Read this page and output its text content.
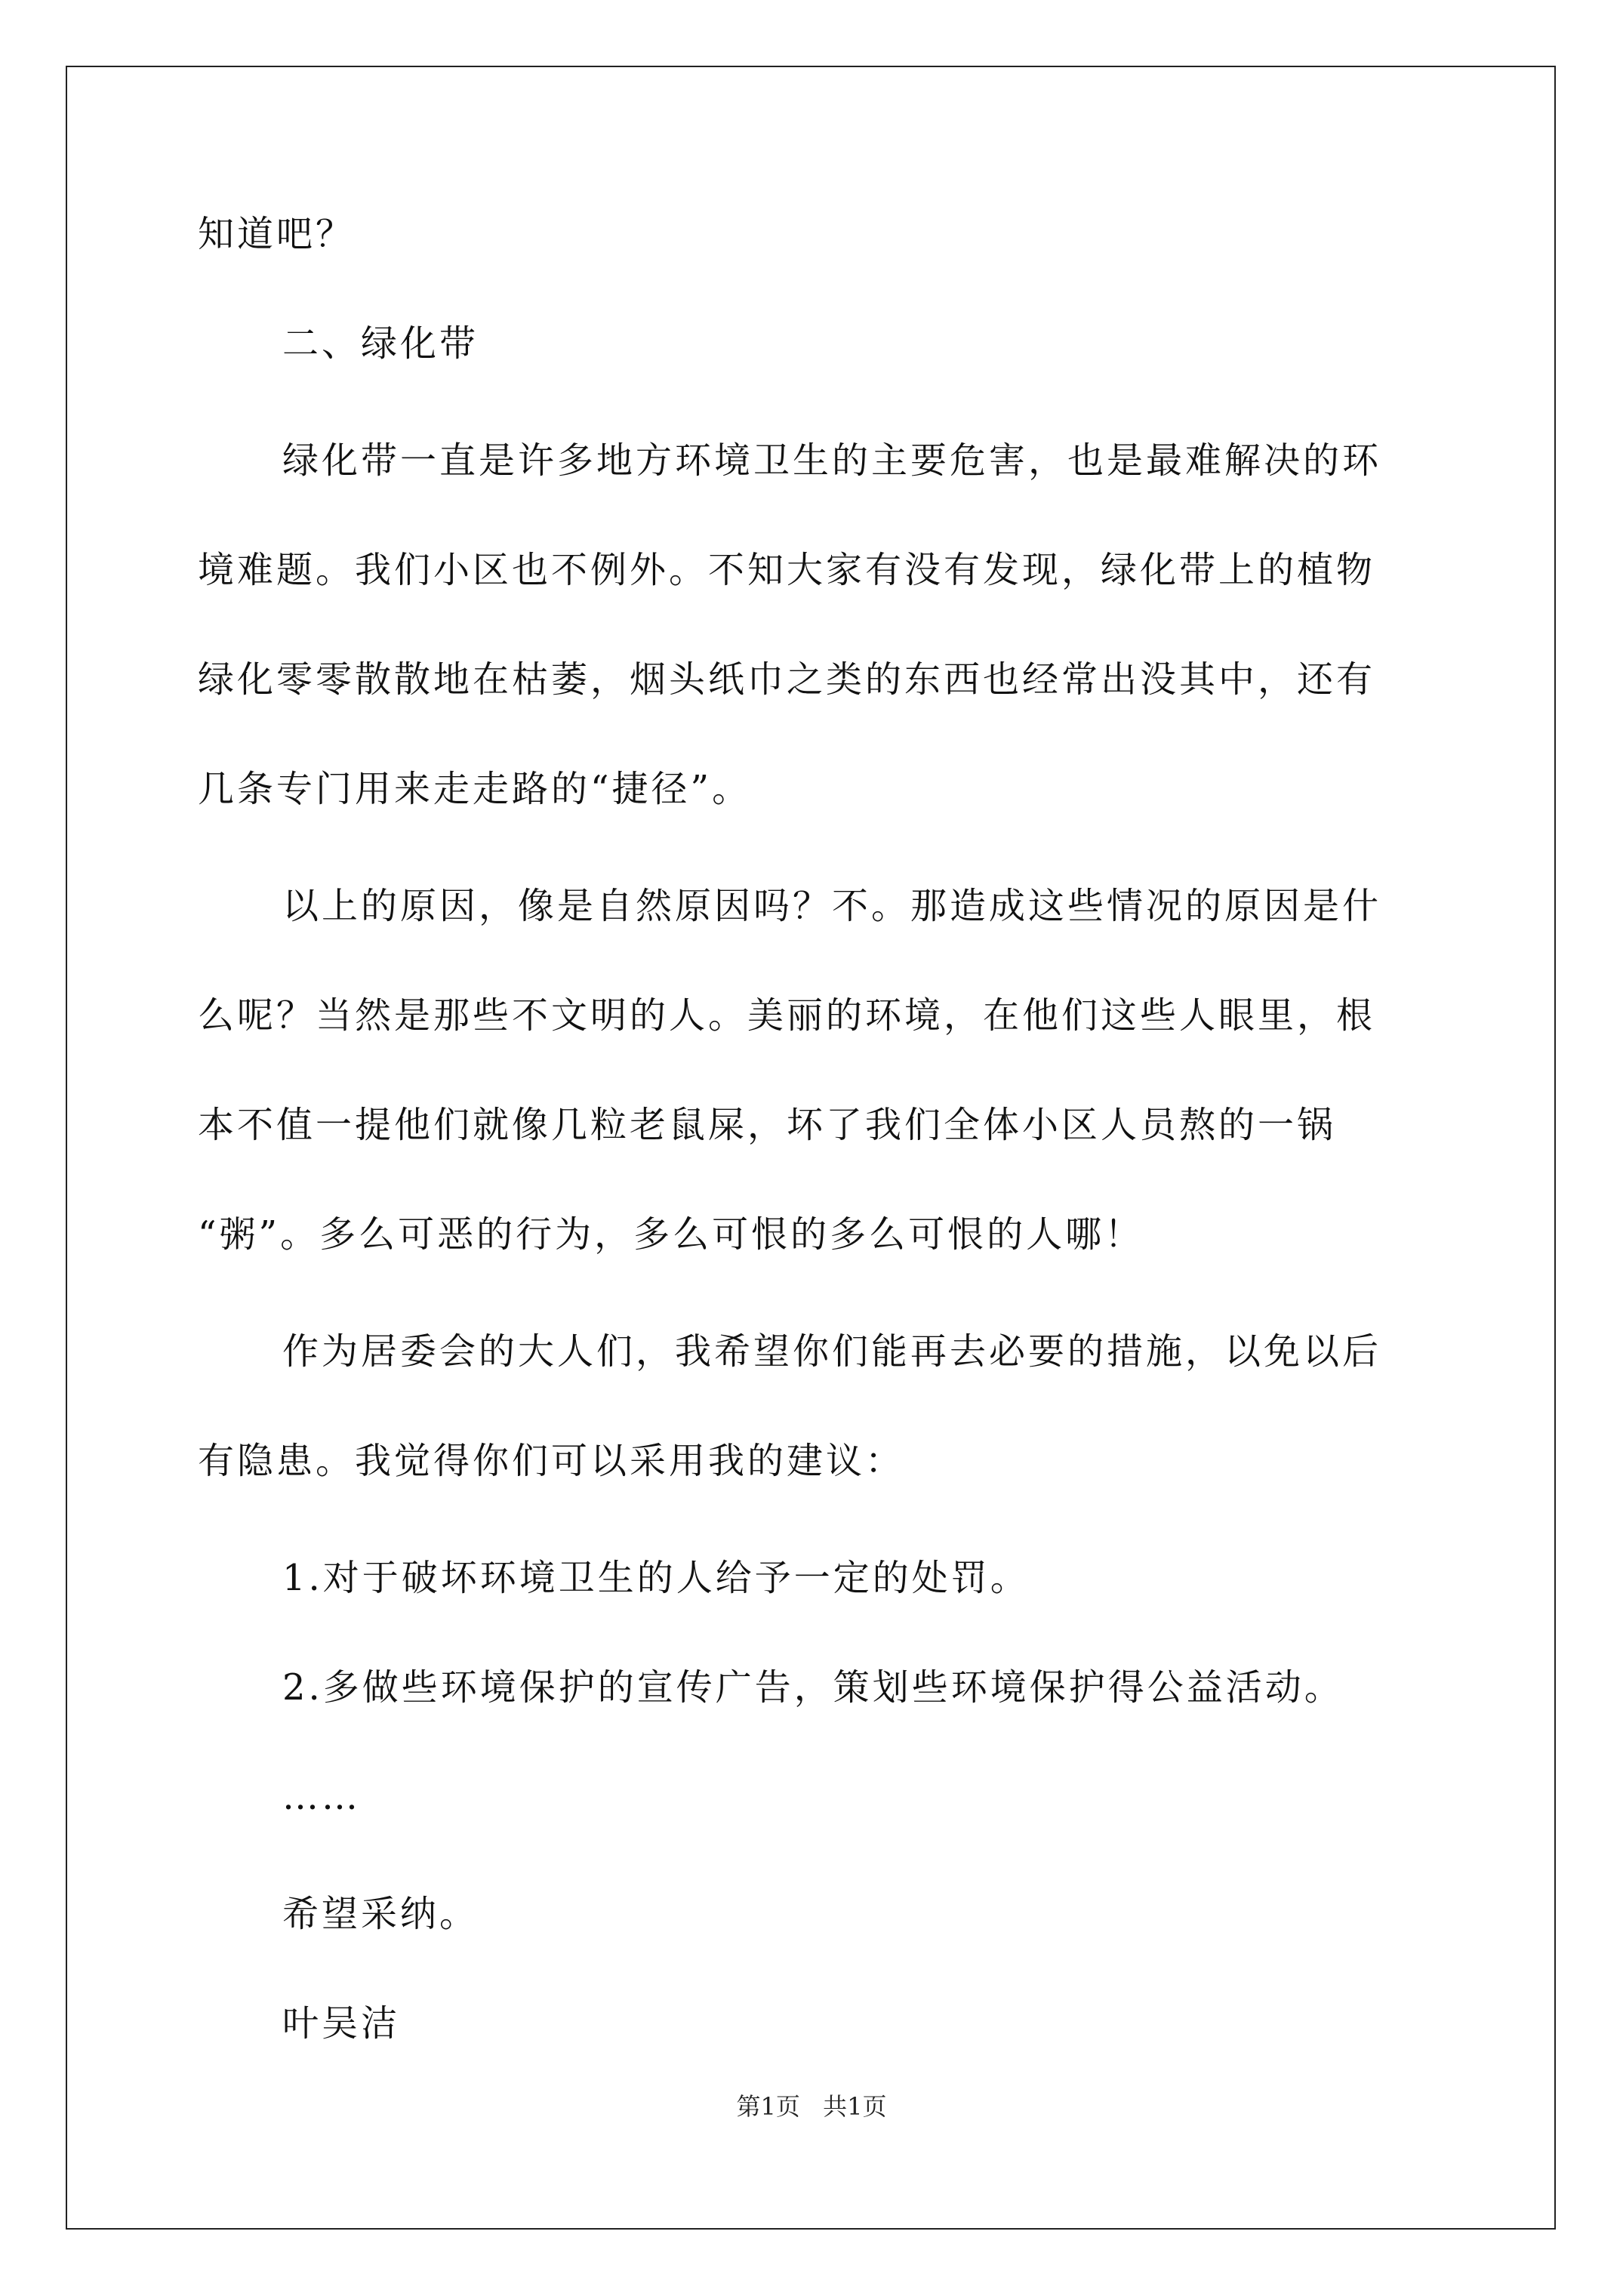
知道吧？
二、绿化带
绿化带一直是许多地方环境卫生的主要危害，也是最难解决的环
境难题。我们小区也不例外。不知大家有没有发现，绿化带上的植物
绿化零零散散地在枯萎，烟头纸巾之类的东西也经常出没其中，还有
几条专门用来走走路的“捷径”。
以上的原因，像是自然原因吗？不。那造成这些情况的原因是什
么呢？当然是那些不文明的人。美丽的环境，在他们这些人眼里，根
本不值一提他们就像几粒老鼠屎，坏了我们全体小区人员熬的一锅
“粥”。多么可恶的行为，多么可恨的多么可恨的人哪！
作为居委会的大人们，我希望你们能再去必要的措施，以免以后
有隐患。我觉得你们可以采用我的建议：
1.对于破坏环境卫生的人给予一定的处罚。
2.多做些环境保护的宣传广告，策划些环境保护得公益活动。
……
希望采纳。
叶吴洁
第1页 共1页
